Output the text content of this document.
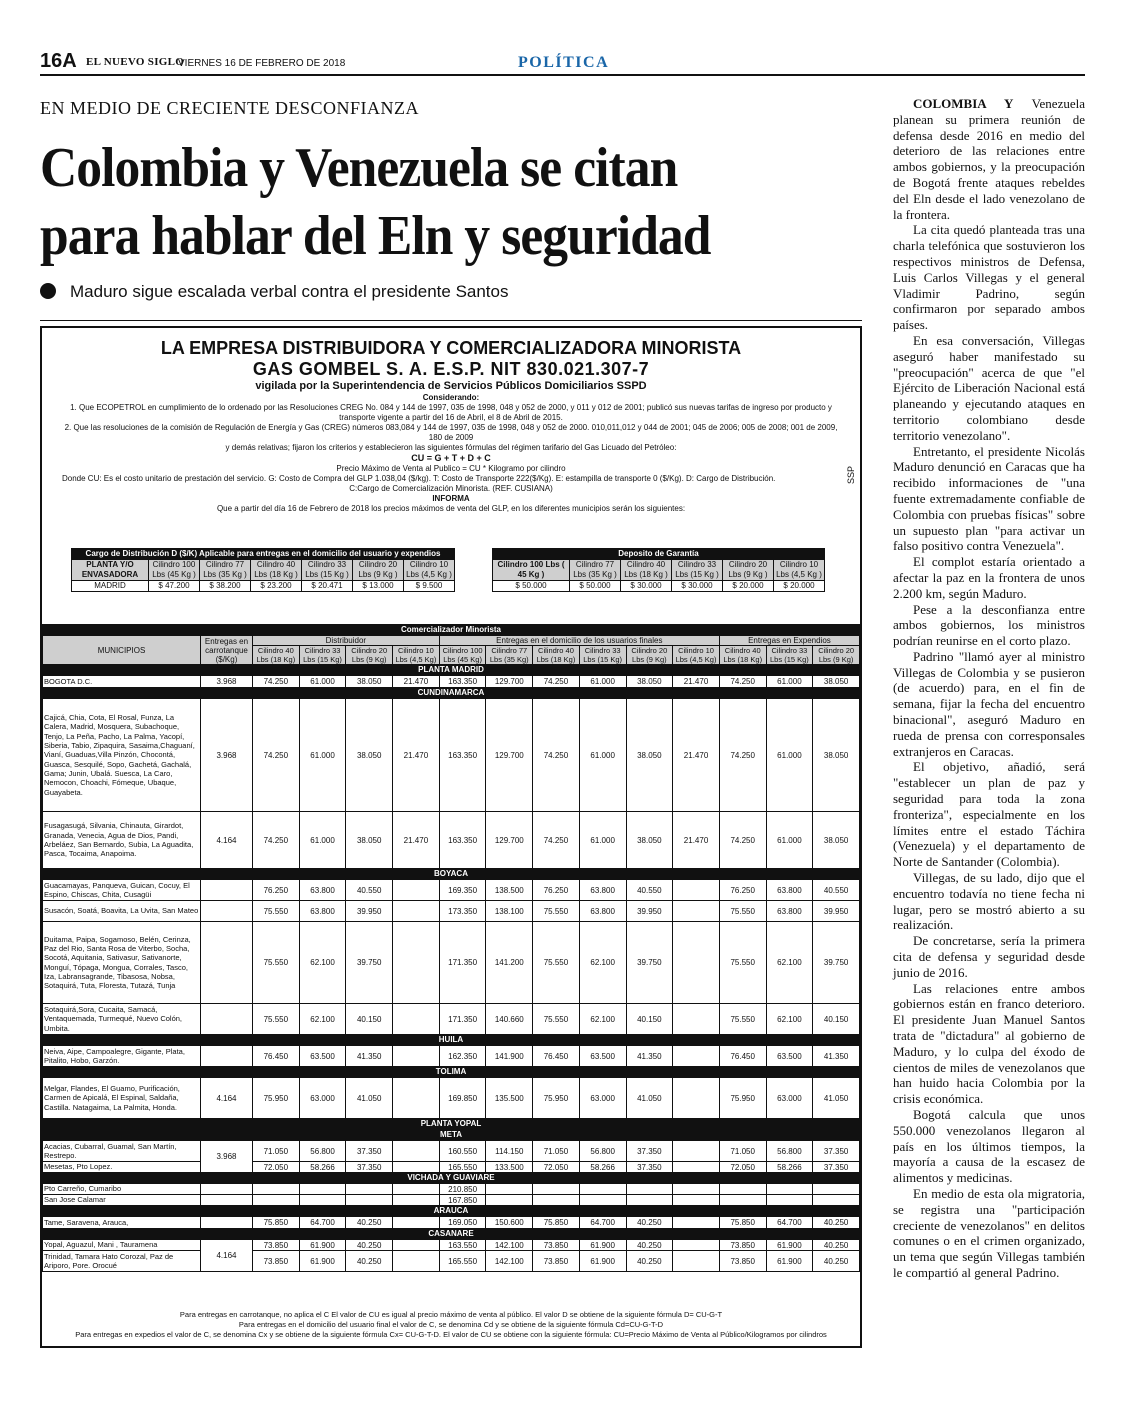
16A EL NUEVO SIGLO
VIERNES 16 DE FEBRERO DE 2018	POLÍTICA
EN MEDIO DE CRECIENTE DESCONFIANZA
Colombia y Venezuela se citan
para hablar del Eln y seguridad
Maduro sigue escalada verbal contra el presidente Santos
LA EMPRESA DISTRIBUIDORA Y COMERCIALIZADORA MINORISTA
GAS GOMBEL S. A. E.S.P. NIT 830.021.307-7
vigilada por la Superintendencia de Servicios Públicos Domiciliarios SSPD
Considerando:
1. Que ECOPETROL en cumplimiento de lo ordenado por las Resoluciones CREG No. 084 y 144 de 1997, 035 de 1998, 048 y 052 de 2000, y 011 y 012 de 2001; publicó sus nuevas tarifas de ingreso por producto y transporte vigente a partir del 16 de Abril, el 8 de Abril de 2015.
2. Que las resoluciones de la comisión de Regulación de Energía y Gas (CREG) números 083,084 y 144 de 1997, 035 de 1998, 048 y 052 de 2000. 010,011,012 y 044 de 2001; 045 de 2006; 005 de 2008; 001 de 2009, 180 de 2009
y demás relativas; fijaron los criterios y establecieron las siguientes fórmulas del régimen tarifario del Gas Licuado del Petróleo:
CU = G + T + D + C
Precio Máximo de Venta al Publico = CU * Kilogramo por cilindro
Donde CU: Es el costo unitario de prestación del servicio. G: Costo de Compra del GLP 1.038,04 ($/kg). T: Costo de Transporte 222($/Kg). E: estampilla de transporte 0 ($/Kg). D: Cargo de Distribución.
C:Cargo de Comercialización Minorista. (REF. CUSIANA)
INFORMA
Que a partir del día 16 de Febrero de 2018 los precios máximos de venta del GLP, en los diferentes municipios serán los siguientes:
SSP
Cargo de Distribución D ($/K) Aplicable para entregas en el domicilio del usuario y expendios						
PLANTA Y/O ENVASADORA	Cilindro 100 Lbs (45 Kg )	Cilindro 77 Lbs (35 Kg )	Cilindro 40 Lbs (18 Kg )	Cilindro 33 Lbs (15 Kg )	Cilindro 20 Lbs (9 Kg )	Cilindro 10 Lbs (4,5 Kg )
MADRID	$ 47.200	$ 38.200	$ 23.200	$ 20.471	$ 13.000	$ 9.500
Deposito de Garantía					
Cilindro 100 Lbs ( 45 Kg )	Cilindro 77 Lbs (35 Kg )	Cilindro 40 Lbs (18 Kg )	Cilindro 33 Lbs (15 Kg )	Cilindro 20 Lbs (9 Kg )	Cilindro 10 Lbs (4,5 Kg )
$ 50.000	$ 50.000	$ 30.000	$ 30.000	$ 20.000	$ 20.000
Comercializador Minorista														
MUNICIPIOS	Entregas en carrotanque ($/Kg)	Distribuidor				Entregas en el domicilio de los usuarios finales						Entregas en Expendios		
		Cilindro 40 Lbs (18 Kg)	Cilindro 33 Lbs (15 Kg)	Cilindro 20 Lbs (9 Kg)	Cilindro 10 Lbs (4,5 Kg)	Cilindro 100 Lbs (45 Kg)	Cilindro 77 Lbs (35 Kg)	Cilindro 40 Lbs (18 Kg)	Cilindro 33 Lbs (15 Kg)	Cilindro 20 Lbs (9 Kg)	Cilindro 10 Lbs (4,5 Kg)	Cilindro 40 Lbs (18 Kg)	Cilindro 33 Lbs (15 Kg)	Cilindro 20 Lbs (9 Kg)
PLANTA MADRID														
BOGOTA D.C.	3.968	74.250	61.000	38.050	21.470	163.350	129.700	74.250	61.000	38.050	21.470	74.250	61.000	38.050
CUNDINAMARCA														
Cajicá, Chia, Cota, El Rosal, Funza, La Calera, Madrid, Mosquera, Subachoque, Tenjo, La Peña, Pacho, La Palma, Yacopí, Siberia, Tabio, Zipaquira, Sasaima,Chaguaní, Vianí, Guaduas,Villa Pinzón, Chocontá, Guasca, Sesquilé, Sopo, Gachetá, Gachalá, Gama; Junin, Ubalá. Suesca, La Caro, Nemocon, Choachi, Fómeque, Ubaque, Guayabeta.	3.968	74.250	61.000	38.050	21.470	163.350	129.700	74.250	61.000	38.050	21.470	74.250	61.000	38.050
Fusagasugá, Silvania, Chinauta, Girardot, Granada, Venecia, Agua de Dios, Pandi, Arbeláez, San Bernardo, Subia, La Aguadita, Pasca, Tocaima, Anapoima.	4.164	74.250	61.000	38.050	21.470	163.350	129.700	74.250	61.000	38.050	21.470	74.250	61.000	38.050
BOYACA														
Guacamayas, Panqueva, Guican, Cocuy, El Espino, Chiscas, Chita, Cusagüi		76.250	63.800	40.550		169.350	138.500	76.250	63.800	40.550		76.250	63.800	40.550
Susacón, Soatá, Boavita, La Uvita, San Mateo		75.550	63.800	39.950		173.350	138.100	75.550	63.800	39.950		75.550	63.800	39.950
Duitama, Paipa, Sogamoso, Belén, Cerinza, Paz del Rio, Santa Rosa de Viterbo, Socha, Socotá, Aquitania, Sativasur, Sativanorte, Monguí, Tópaga, Mongua, Corrales, Tasco, Iza, Labransagrande, Tibasosa, Nobsa, Sotaquirá, Tuta, Floresta, Tutazá, Tunja		75.550	62.100	39.750		171.350	141.200	75.550	62.100	39.750		75.550	62.100	39.750
Sotaquirá,Sora, Cucaita, Samacá, Ventaquemada, Turmequé, Nuevo Colón, Umbita.		75.550	62.100	40.150		171.350	140.660	75.550	62.100	40.150		75.550	62.100	40.150
HUILA														
Neiva, Aipe, Campoalegre, Gigante, Plata, Pitalito, Hobo, Garzón.		76.450	63.500	41.350		162.350	141.900	76.450	63.500	41.350		76.450	63.500	41.350
TOLIMA														
Melgar, Flandes, El Guamo, Purificación, Carmen de Apicalá, El Espinal, Saldaña, Castilla. Natagaima, La Palmita, Honda.	4.164	75.950	63.000	41.050		169.850	135.500	75.950	63.000	41.050		75.950	63.000	41.050
PLANTA YOPAL														
META														
Acacias, Cubarral, Guamal, San Martín, Restrepo.	3.968	71.050	56.800	37.350		160.550	114.150	71.050	56.800	37.350		71.050	56.800	37.350
Mesetas, Pto Lopez.		72.050	58.266	37.350		165.550	133.500	72.050	58.266	37.350		72.050	58.266	37.350
VICHADA Y GUAVIARE														
Pto Carreño, Cumaribo						210.850								
San Jose Calamar						167.850								
ARAUCA														
Tame, Saravena, Arauca,		75.850	64.700	40.250		169.050	150.600	75.850	64.700	40.250		75.850	64.700	40.250
CASANARE														
Yopal, Aguazul, Mani , Tauramena	4.164	73.850	61.900	40.250		163.550	142.100	73.850	61.900	40.250		73.850	61.900	40.250
Trinidad, Tamara Hato Corozal, Paz de Ariporo, Pore. Orocué		73.850	61.900	40.250		165.550	142.100	73.850	61.900	40.250		73.850	61.900	40.250
Para entregas en carrotanque, no aplica el C El valor de CU es igual al precio máximo de venta al público. El valor D se obtiene de la siguiente fórmula D= CU-G-T
Para entregas en el domicilio del usuario final el valor de C, se denomina Cd y se obtiene de la siguiente fórmula Cd=CU-G-T-D
Para entregas en expedios el valor de C, se denomina Cx y se obtiene de la siguiente fórmula Cx= CU-G-T-D. El valor de CU se obtiene con la siguiente fórmula: CU=Precio Máximo de Venta al Público/Kilogramos por cilindros

COLOMBIA Y Venezuela planean su primera reunión de defensa desde 2016 en medio del deterioro de las relaciones entre ambos gobiernos, y la preocupación de Bogotá frente ataques rebeldes del Eln desde el lado venezolano de la frontera.

La cita quedó planteada tras una charla telefónica que sostuvieron los respectivos ministros de Defensa, Luis Carlos Villegas y el general Vladimir Padrino, según confirmaron por separado ambos países.

En esa conversación, Villegas aseguró haber manifestado su "preocupación" acerca de que "el Ejército de Liberación Nacional está planeando y ejecutando ataques en territorio colombiano desde territorio venezolano".

Entretanto, el presidente Nicolás Maduro denunció en Caracas que ha recibido informaciones de "una fuente extremadamente confiable de Colombia con pruebas físicas" sobre un supuesto plan "para activar un falso positivo contra Venezuela".

El complot estaría orientado a afectar la paz en la frontera de unos 2.200 km, según Maduro.

Pese a la desconfianza entre ambos gobiernos, los ministros podrían reunirse en el corto plazo.

Padrino "llamó ayer al ministro Villegas de Colombia y se pusieron (de acuerdo) para, en el fin de semana, fijar la fecha del encuentro binacional", aseguró Maduro en rueda de prensa con corresponsales extranjeros en Caracas.

El objetivo, añadió, será "establecer un plan de paz y seguridad para toda la zona fronteriza", especialmente en los límites entre el estado Táchira (Venezuela) y el departamento de Norte de Santander (Colombia).

Villegas, de su lado, dijo que el encuentro todavía no tiene fecha ni lugar, pero se mostró abierto a su realización.

De concretarse, sería la primera cita de defensa y seguridad desde junio de 2016.

Las relaciones entre ambos gobiernos están en franco deterioro. El presidente Juan Manuel Santos trata de "dictadura" al gobierno de Maduro, y lo culpa del éxodo de cientos de miles de venezolanos que han huido hacia Colombia por la crisis económica.

Bogotá calcula que unos 550.000 venezolanos llegaron al país en los últimos tiempos, la mayoría a causa de la escasez de alimentos y medicinas.

En medio de esta ola migratoria, se registra una "participación creciente de venezolanos" en delitos comunes o en el crimen organizado, un tema que según Villegas también le compartió al general Padrino.
